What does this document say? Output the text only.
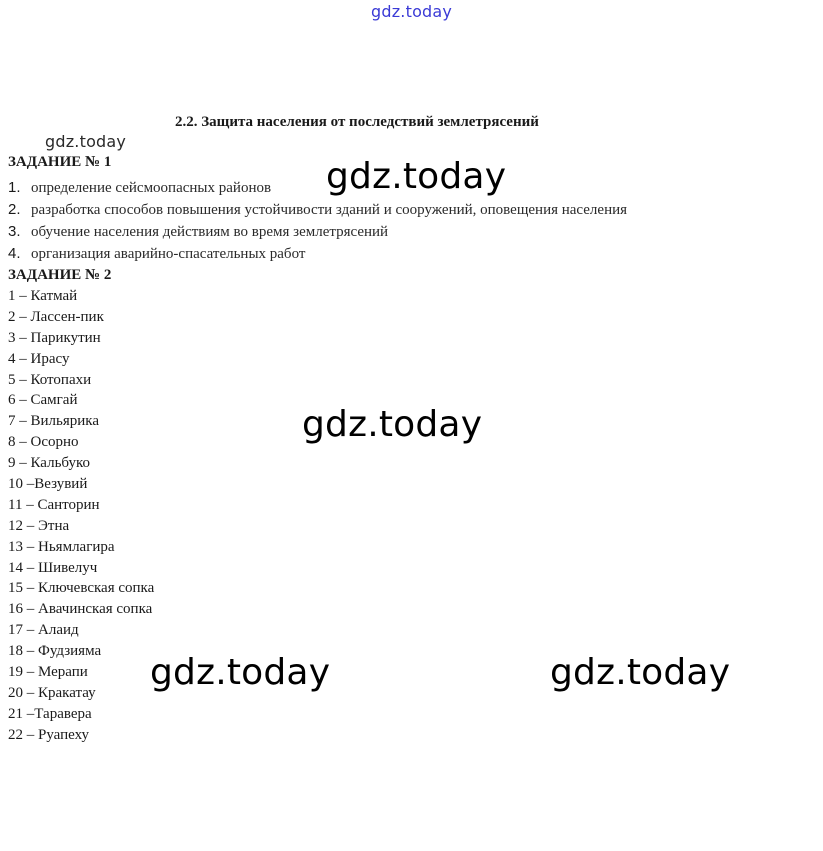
gdz.today
gdz.today
2.2. Защита населения от последствий землетрясений
ЗАДАНИЕ № 1
1. определение сейсмоопасных районов
2. разработка способов повышения устойчивости зданий и сооружений, оповещения населения
3. обучение населения действиям во время землетрясений
4. организация аварийно-спасательных работ
ЗАДАНИЕ № 2
1 – Катмай
2 – Лассен-пик
3 – Парикутин
4 – Ирасу
5 – Котопахи
6 – Самгай
7 – Вильярика
8 – Осорно
9 – Кальбуко
10 –Везувий
11 – Санторин
12 – Этна
13 – Ньямлагира
14 – Шивелуч
15 – Ключевская сопка
16 – Авачинская сопка
17 – Алаид
18 – Фудзияма
19 – Мерапи
20 – Кракатау
21 –Таравера
22 – Руапеху
gdz.today
gdz.today
gdz.today	gdz.today
